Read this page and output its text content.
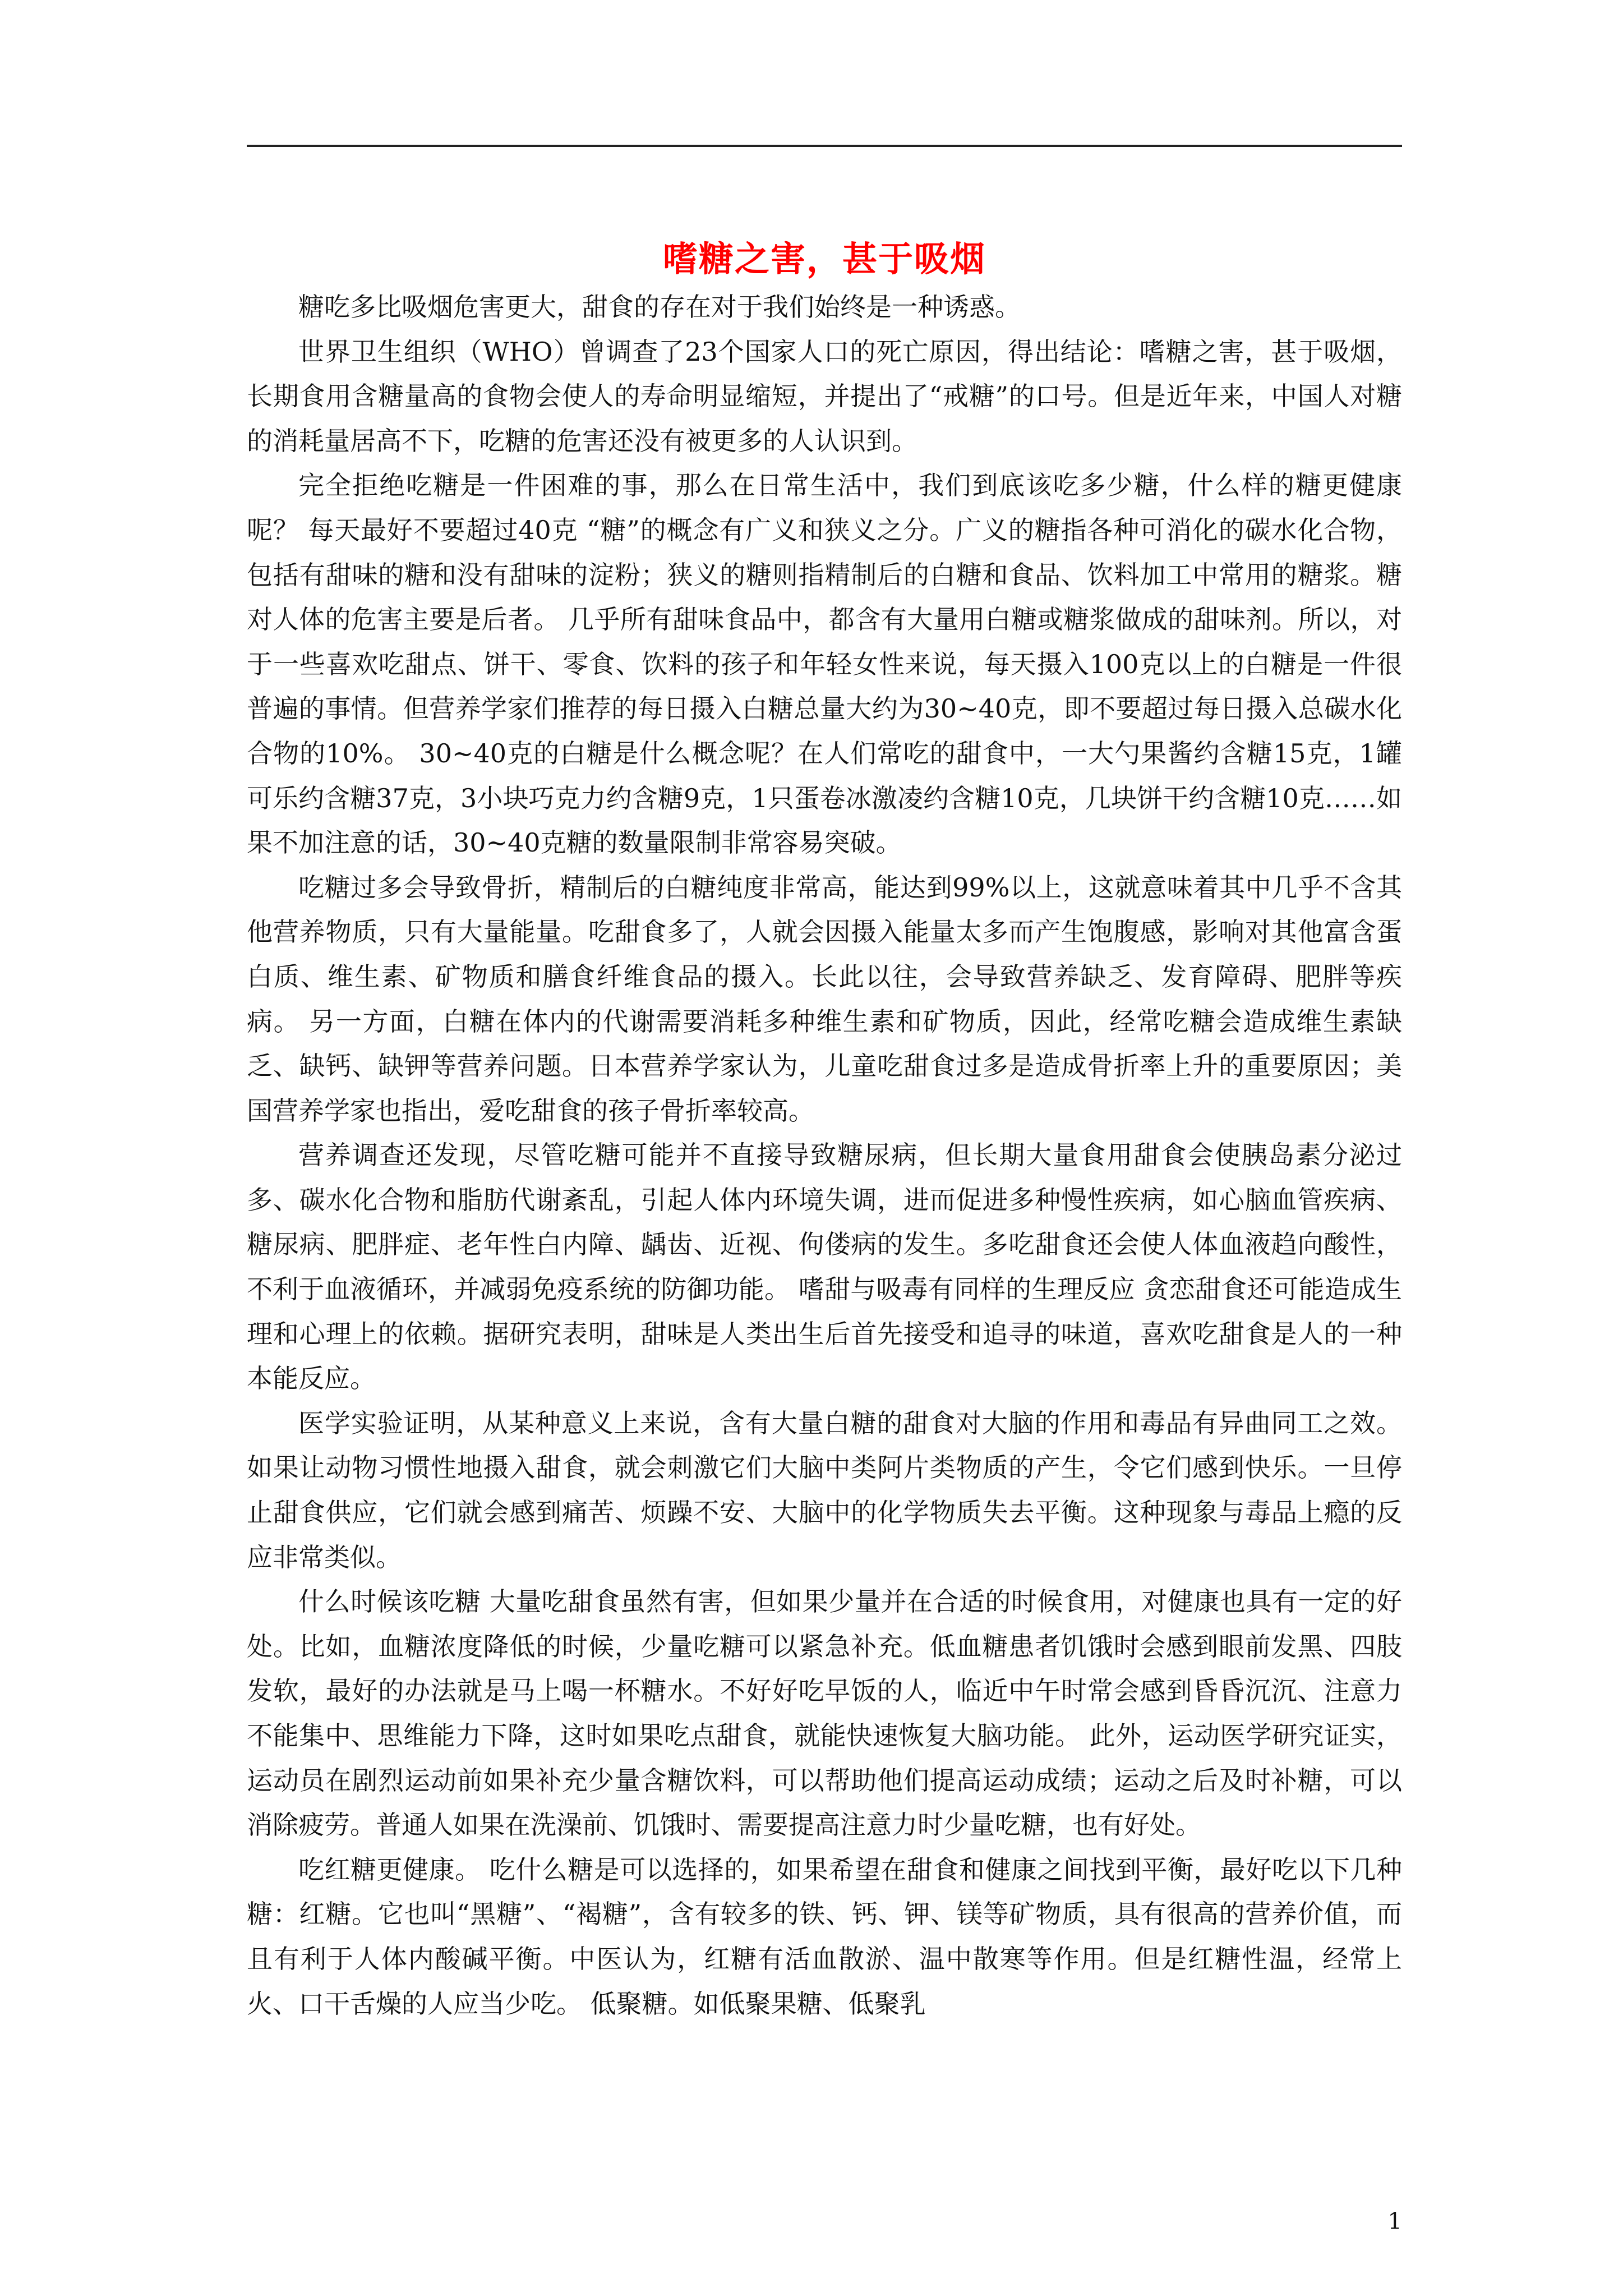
嗜糖之害，甚于吸烟

糖吃多比吸烟危害更大，甜食的存在对于我们始终是一种诱惑。

世界卫生组织（WHO）曾调查了23个国家人口的死亡原因，得出结论：嗜糖之害，甚于吸烟，长期食用含糖量高的食物会使人的寿命明显缩短，并提出了“戒糖”的口号。但是近年来，中国人对糖的消耗量居高不下，吃糖的危害还没有被更多的人认识到。

完全拒绝吃糖是一件困难的事，那么在日常生活中，我们到底该吃多少糖，什么样的糖更健康呢？ 每天最好不要超过40克 “糖”的概念有广义和狭义之分。广义的糖指各种可消化的碳水化合物，包括有甜味的糖和没有甜味的淀粉；狭义的糖则指精制后的白糖和食品、饮料加工中常用的糖浆。糖对人体的危害主要是后者。 几乎所有甜味食品中，都含有大量用白糖或糖浆做成的甜味剂。所以，对于一些喜欢吃甜点、饼干、零食、饮料的孩子和年轻女性来说，每天摄入100克以上的白糖是一件很普遍的事情。但营养学家们推荐的每日摄入白糖总量大约为30~40克，即不要超过每日摄入总碳水化合物的10%。 30~40克的白糖是什么概念呢？在人们常吃的甜食中，一大勺果酱约含糖15克，1罐可乐约含糖37克，3小块巧克力约含糖9克，1只蛋卷冰激凌约含糖10克，几块饼干约含糖10克……如果不加注意的话，30~40克糖的数量限制非常容易突破。

吃糖过多会导致骨折，精制后的白糖纯度非常高，能达到99%以上，这就意味着其中几乎不含其他营养物质，只有大量能量。吃甜食多了，人就会因摄入能量太多而产生饱腹感，影响对其他富含蛋白质、维生素、矿物质和膳食纤维食品的摄入。长此以往，会导致营养缺乏、发育障碍、肥胖等疾病。 另一方面，白糖在体内的代谢需要消耗多种维生素和矿物质，因此，经常吃糖会造成维生素缺乏、缺钙、缺钾等营养问题。日本营养学家认为，儿童吃甜食过多是造成骨折率上升的重要原因；美国营养学家也指出，爱吃甜食的孩子骨折率较高。

营养调查还发现，尽管吃糖可能并不直接导致糖尿病，但长期大量食用甜食会使胰岛素分泌过多、碳水化合物和脂肪代谢紊乱，引起人体内环境失调，进而促进多种慢性疾病，如心脑血管疾病、糖尿病、肥胖症、老年性白内障、龋齿、近视、佝偻病的发生。多吃甜食还会使人体血液趋向酸性，不利于血液循环，并减弱免疫系统的防御功能。 嗜甜与吸毒有同样的生理反应 贪恋甜食还可能造成生理和心理上的依赖。据研究表明，甜味是人类出生后首先接受和追寻的味道，喜欢吃甜食是人的一种本能反应。

医学实验证明，从某种意义上来说，含有大量白糖的甜食对大脑的作用和毒品有异曲同工之效。如果让动物习惯性地摄入甜食，就会刺激它们大脑中类阿片类物质的产生，令它们感到快乐。一旦停止甜食供应，它们就会感到痛苦、烦躁不安、大脑中的化学物质失去平衡。这种现象与毒品上瘾的反应非常类似。

什么时候该吃糖 大量吃甜食虽然有害，但如果少量并在合适的时候食用，对健康也具有一定的好处。比如，血糖浓度降低的时候，少量吃糖可以紧急补充。低血糖患者饥饿时会感到眼前发黑、四肢发软，最好的办法就是马上喝一杯糖水。不好好吃早饭的人，临近中午时常会感到昏昏沉沉、注意力不能集中、思维能力下降，这时如果吃点甜食，就能快速恢复大脑功能。 此外，运动医学研究证实，运动员在剧烈运动前如果补充少量含糖饮料，可以帮助他们提高运动成绩；运动之后及时补糖，可以消除疲劳。普通人如果在洗澡前、饥饿时、需要提高注意力时少量吃糖，也有好处。

吃红糖更健康。 吃什么糖是可以选择的，如果希望在甜食和健康之间找到平衡，最好吃以下几种糖：红糖。它也叫“黑糖”、“褐糖”，含有较多的铁、钙、钾、镁等矿物质，具有很高的营养价值，而且有利于人体内酸碱平衡。中医认为，红糖有活血散淤、温中散寒等作用。但是红糖性温，经常上火、口干舌燥的人应当少吃。 低聚糖。如低聚果糖、低聚乳

1
